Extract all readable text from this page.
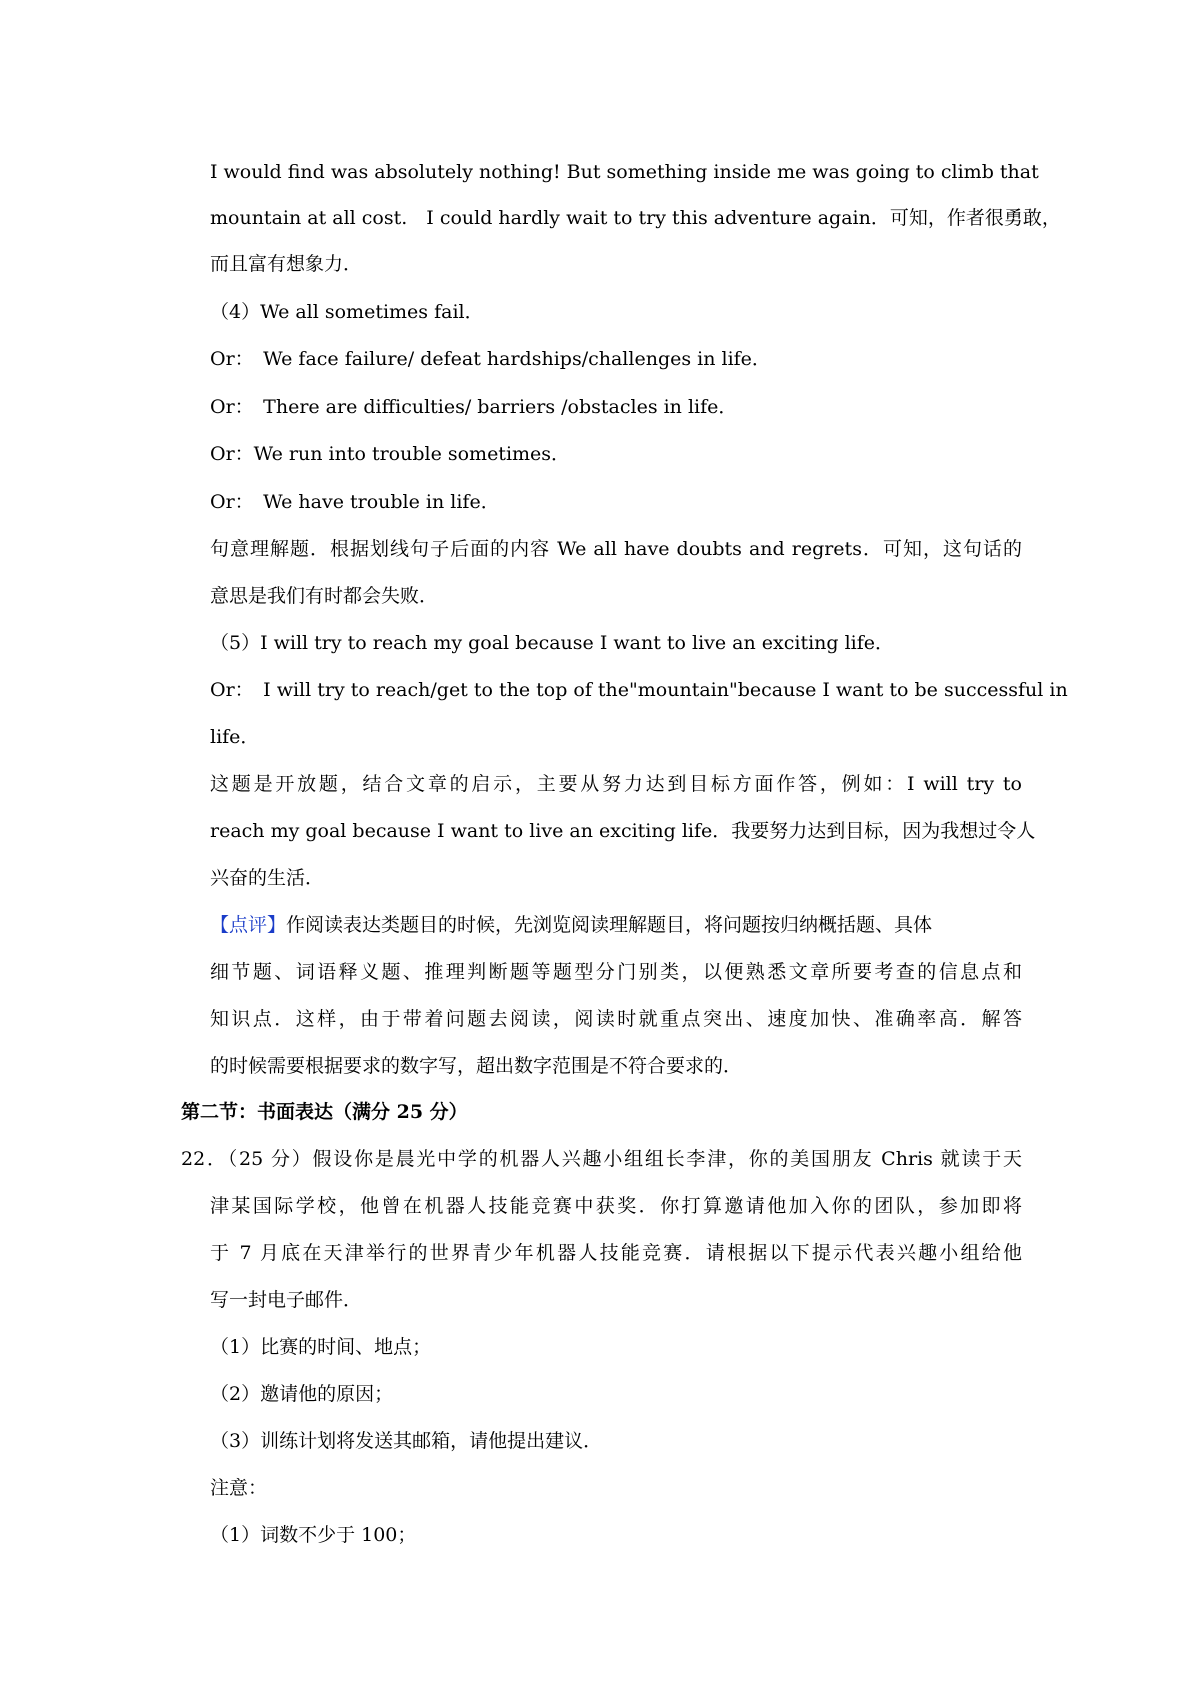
I would find was absolutely nothing! But something inside me was going to climb that
mountain at all cost.　I could hardly wait to try this adventure again．可知，作者很勇敢，
而且富有想象力．
（4）We all sometimes fail．
Or：　We face failure/ defeat hardships/challenges in life．
Or：　There are difficulties/ barriers /obstacles in life．
Or：We run into trouble sometimes．
Or：　We have trouble in life．
句意理解题．根据划线句子后面的内容 We all have doubts and regrets．可知，这句话的
意思是我们有时都会失败．
（5）I will try to reach my goal because I want to live an exciting life．
Or：　I will try to reach/get to the top of the"mountain"because I want to be successful in
life．
这题是开放题，结合文章的启示，主要从努力达到目标方面作答，例如：I will try to
reach my goal because I want to live an exciting life．我要努力达到目标，因为我想过令人
兴奋的生活．
【点评】作阅读表达类题目的时候，先浏览阅读理解题目，将问题按归纳概括题、具体
细节题、词语释义题、推理判断题等题型分门别类，以便熟悉文章所要考查的信息点和
知识点．这样，由于带着问题去阅读，阅读时就重点突出、速度加快、准确率高．解答
的时候需要根据要求的数字写，超出数字范围是不符合要求的．
第二节：书面表达（满分 25 分）
22．（25 分）假设你是晨光中学的机器人兴趣小组组长李津，你的美国朋友 Chris 就读于天
津某国际学校，他曾在机器人技能竞赛中获奖．你打算邀请他加入你的团队，参加即将
于 7 月底在天津举行的世界青少年机器人技能竞赛．请根据以下提示代表兴趣小组给他
写一封电子邮件．
（1）比赛的时间、地点；
（2）邀请他的原因；
（3）训练计划将发送其邮箱，请他提出建议．
注意：
（1）词数不少于 100；
